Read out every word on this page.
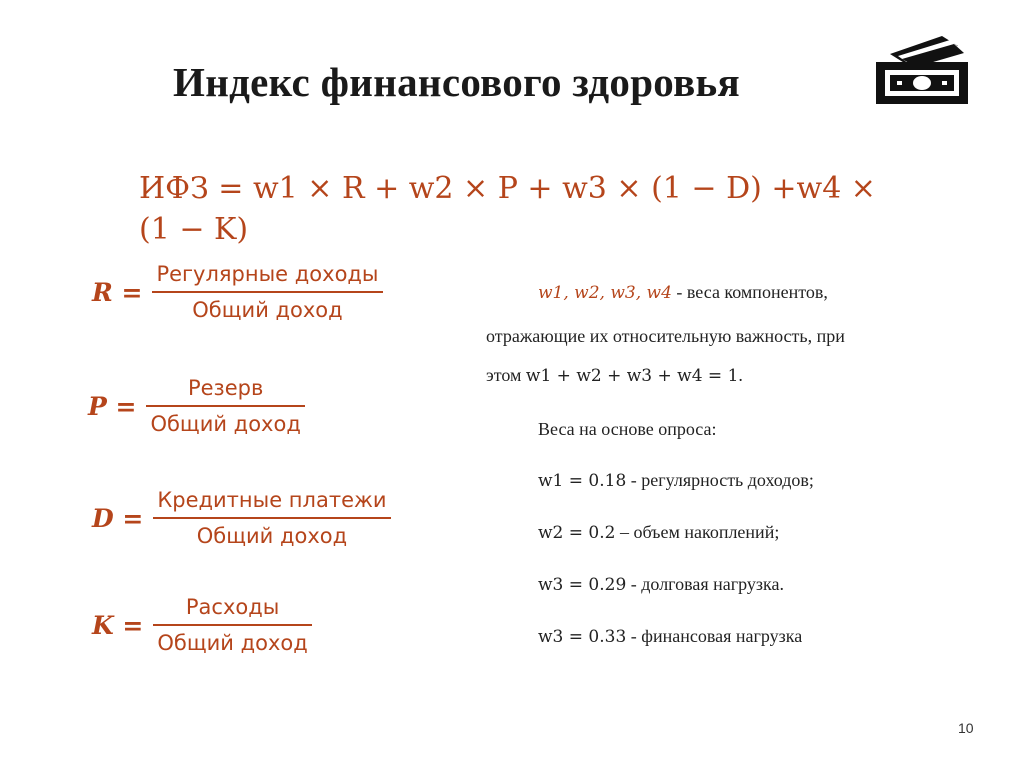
Индекс финансового здоровья
ИФЗ = w1 × R + w2 × P + w3 × (1 − D) +w4 ×
(1 − K)
$R = \frac{\text{Регулярные доходы}}{\text{Общий доход}}$
$P = \frac{\text{Резерв}}{\text{Общий доход}}$
$D = \frac{\text{Кредитные платежи}}{\text{Общий доход}}$
$K = \frac{\text{Расходы}}{\text{Общий доход}}$
w1, w2, w3, w4 - веса компонентов,
отражающие их относительную важность, при
этом w1 + w2 + w3 + w4 = 1.
Веса на основе опроса:
w1 = 0.18 - регулярность доходов;
w2 = 0.2 – объем накоплений;
w3 = 0.29 - долговая нагрузка.
w3 = 0.33 - финансовая нагрузка
10
